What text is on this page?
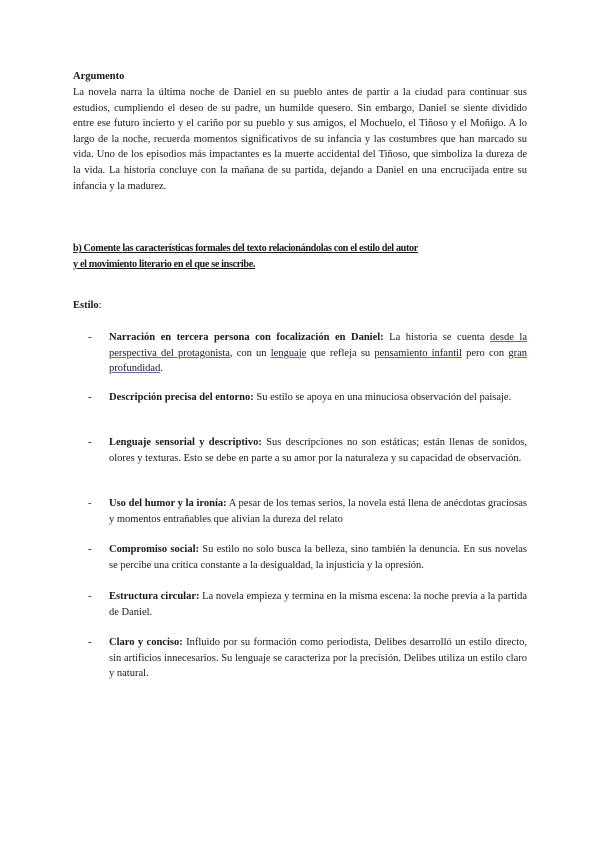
Argumento
La novela narra la última noche de Daniel en su pueblo antes de partir a la ciudad para continuar sus estudios, cumpliendo el deseo de su padre, un humilde quesero. Sin embargo, Daniel se siente dividido entre ese futuro incierto y el cariño por su pueblo y sus amigos, el Mochuelo, el Tiñoso y el Moñigo. A lo largo de la noche, recuerda momentos significativos de su infancia y las costumbres que han marcado su vida. Uno de los episodios más impactantes es la muerte accidental del Tiñoso, que simboliza la dureza de la vida. La historia concluye con la mañana de su partida, dejando a Daniel en una encrucijada entre su infancia y la madurez.
b) Comente las características formales del texto relacionándolas con el estilo del autor
y el movimiento literario en el que se inscribe.
Estilo:
- Narración en tercera persona con focalización en Daniel: La historia se cuenta desde la perspectiva del protagonista, con un lenguaje que refleja su pensamiento infantil pero con gran profundidad.
- Descripción precisa del entorno: Su estilo se apoya en una minuciosa observación del paisaje.
- Lenguaje sensorial y descriptivo: Sus descripciones no son estáticas; están llenas de sonidos, olores y texturas. Esto se debe en parte a su amor por la naturaleza y su capacidad de observación.
- Uso del humor y la ironía: A pesar de los temas serios, la novela está llena de anécdotas graciosas y momentos entrañables que alivian la dureza del relato
- Compromiso social: Su estilo no solo busca la belleza, sino también la denuncia. En sus novelas se percibe una crítica constante a la desigualdad, la injusticia y la opresión.
- Estructura circular: La novela empieza y termina en la misma escena: la noche previa a la partida de Daniel.
- Claro y conciso: Influido por su formación como periodista, Delibes desarrolló un estilo directo, sin artificios innecesarios. Su lenguaje se caracteriza por la precisión. Delibes utiliza un estilo claro y natural.
